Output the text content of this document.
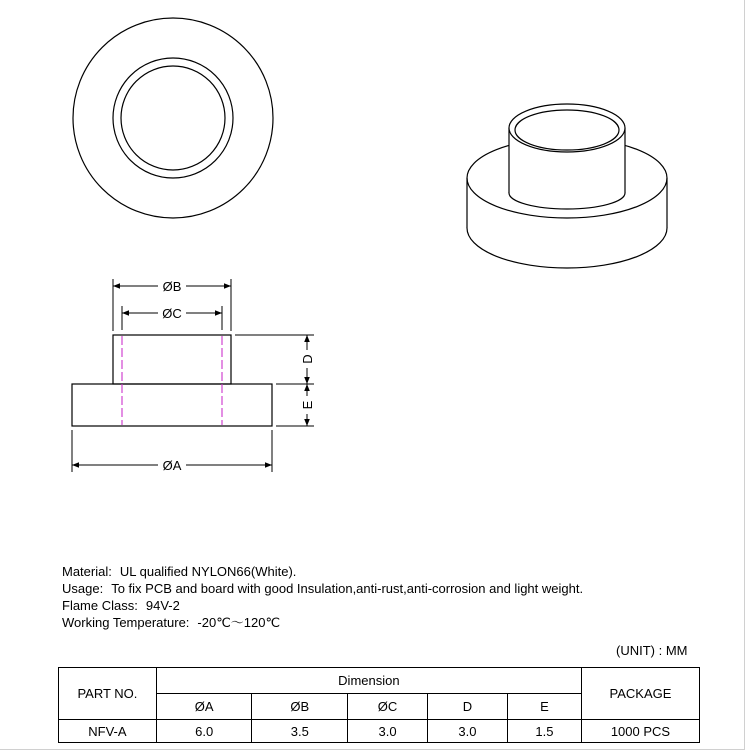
ØB
ØC
D
E
ØA
Material: UL qualified NYLON66(White).
Usage: To fix PCB and board with good Insulation,anti-rust,anti-corrosion and light weight.
Flame Class: 94V-2
Working Temperature: -20℃～120℃
(UNIT) : MM
PART NO.	Dimension					PACKAGE
	ØA	ØB	ØC	D	E	
NFV-A	6.0	3.5	3.0	3.0	1.5	1000 PCS
